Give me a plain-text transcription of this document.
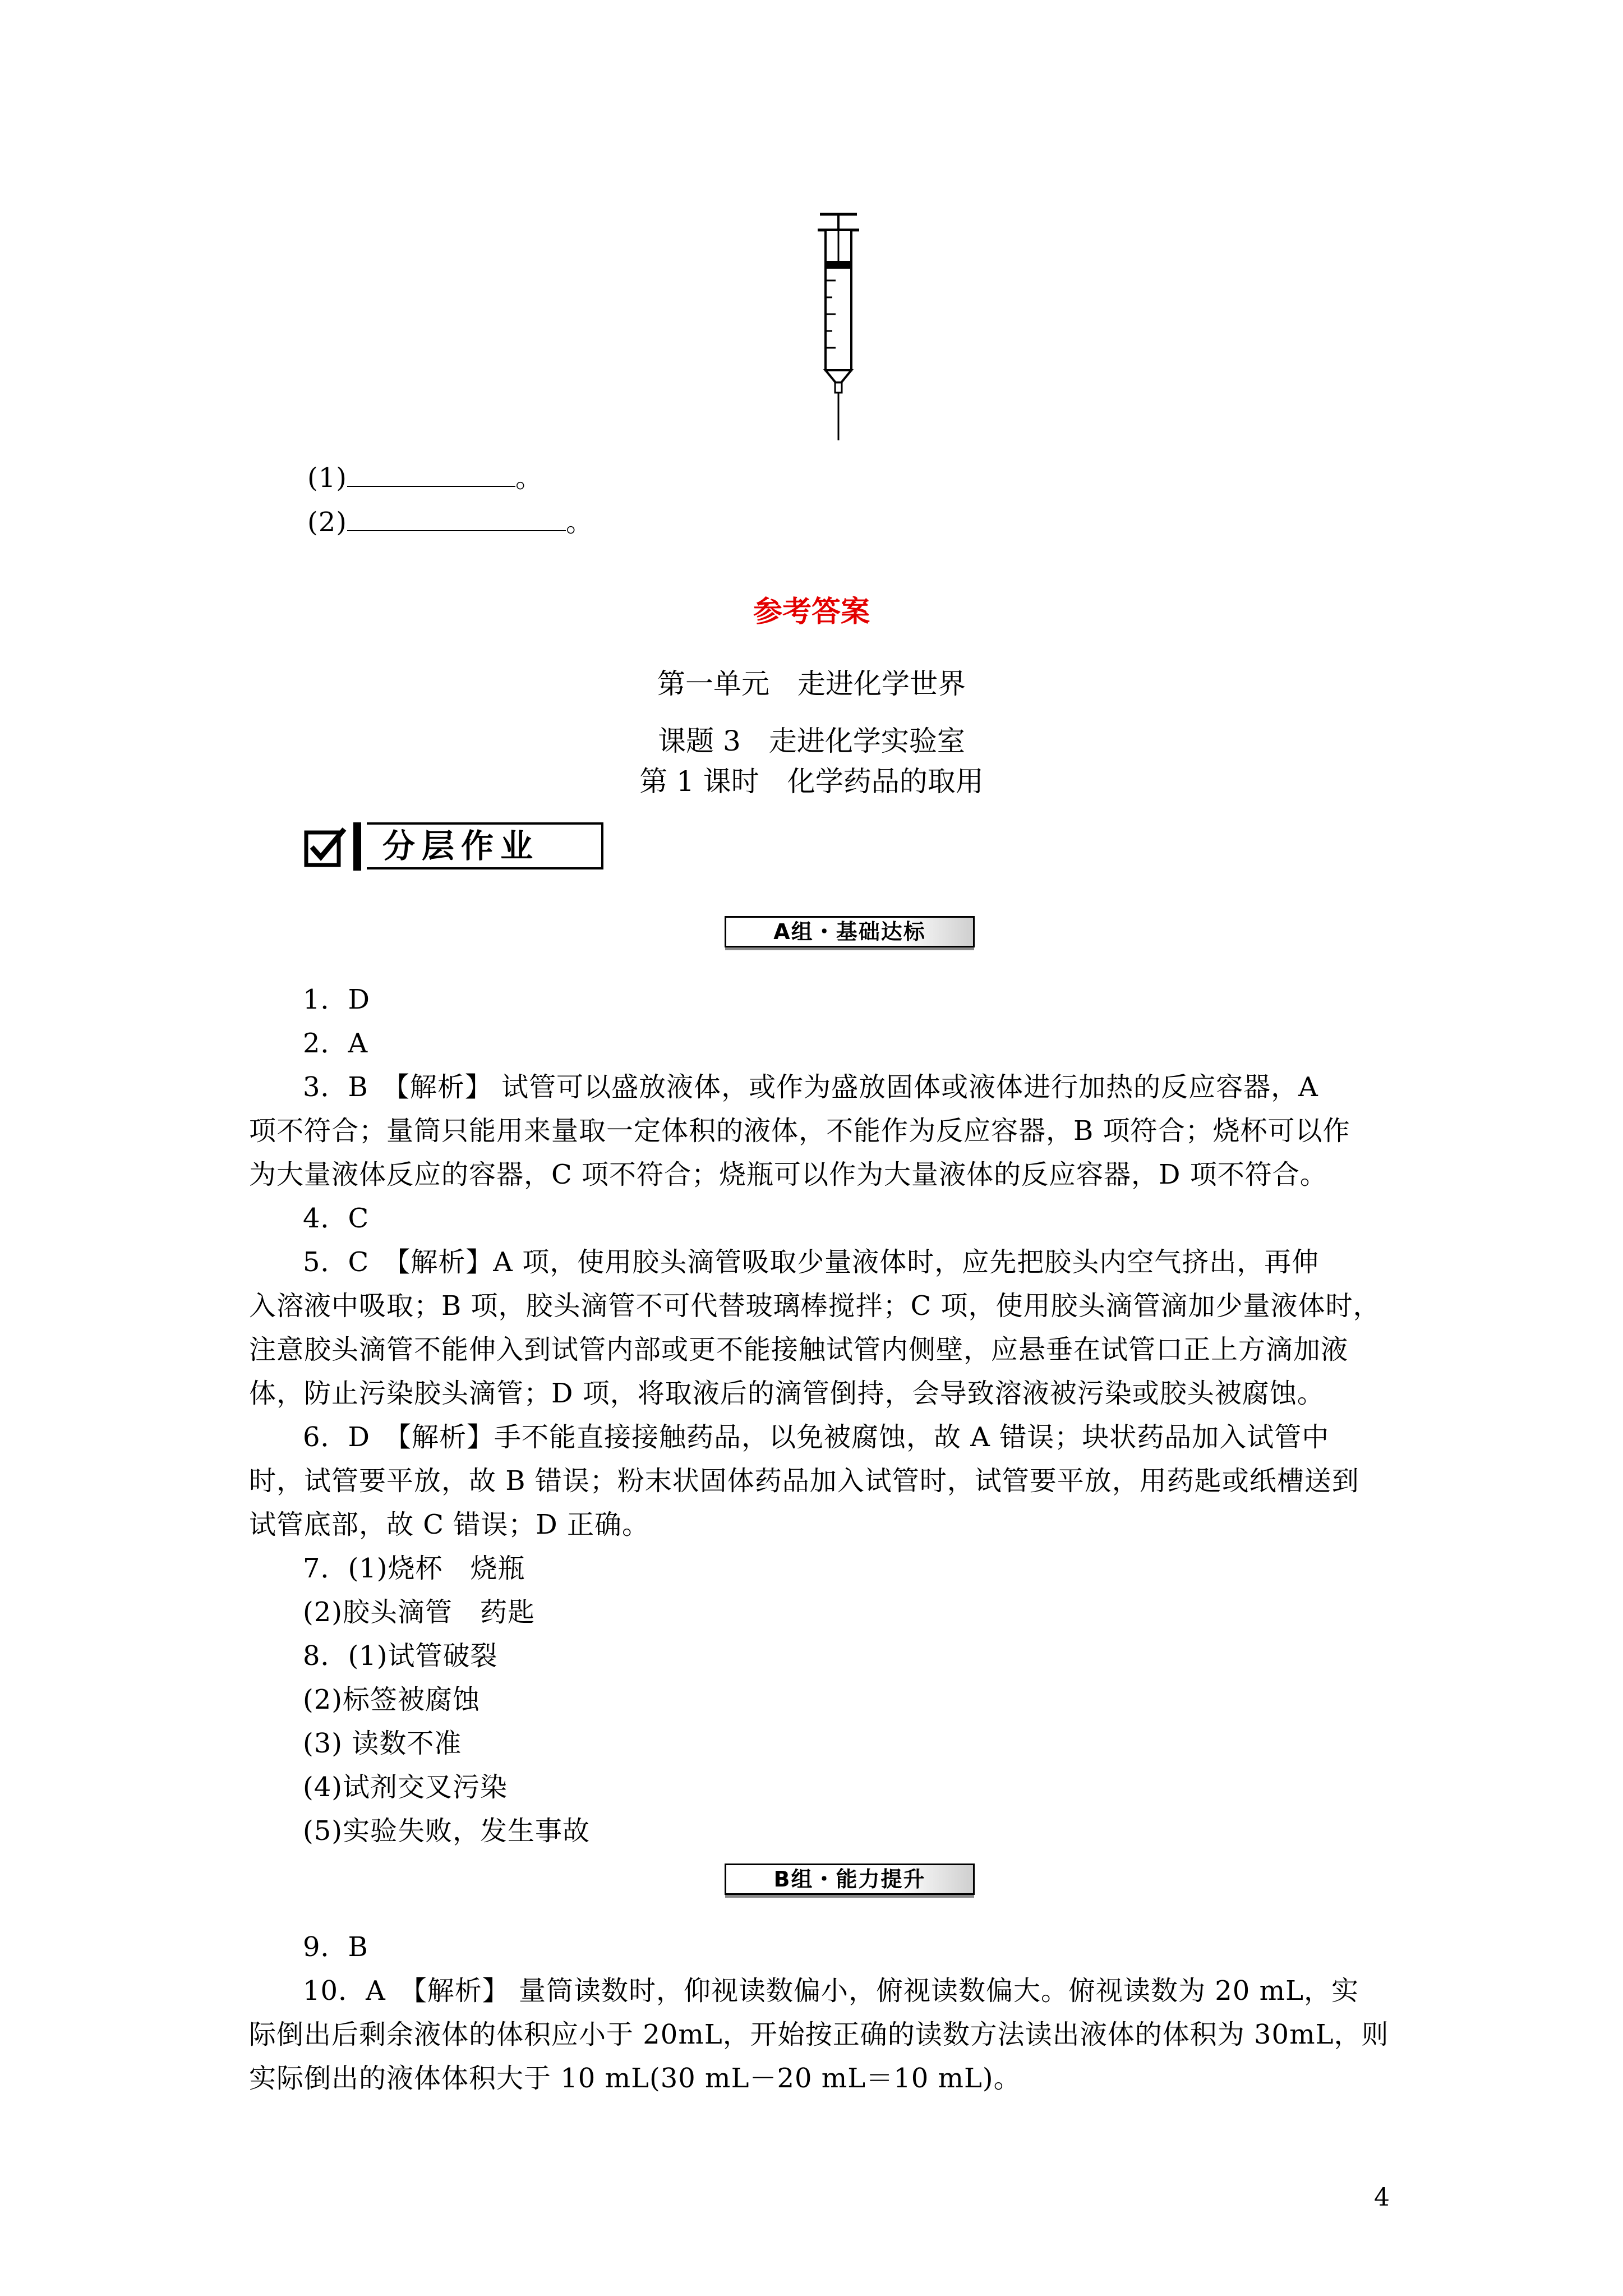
(1)	。
(2)	。
参考答案
第一单元　走进化学世界
课题 3　走进化学实验室
第 1 课时　化学药品的取用
分层作业
A组・基础达标
1．D
2．A
3．B　【解析】 试管可以盛放液体，或作为盛放固体或液体进行加热的反应容器，A
项不符合；量筒只能用来量取一定体积的液体，不能作为反应容器，B 项符合；烧杯可以作
为大量液体反应的容器，C 项不符合；烧瓶可以作为大量液体的反应容器，D 项不符合。
4．C
5．C　【解析】A 项，使用胶头滴管吸取少量液体时，应先把胶头内空气挤出，再伸
入溶液中吸取；B 项，胶头滴管不可代替玻璃棒搅拌；C 项，使用胶头滴管滴加少量液体时，
注意胶头滴管不能伸入到试管内部或更不能接触试管内侧壁，应悬垂在试管口正上方滴加液
体，防止污染胶头滴管；D 项，将取液后的滴管倒持，会导致溶液被污染或胶头被腐蚀。
6．D　【解析】手不能直接接触药品，以免被腐蚀，故 A 错误；块状药品加入试管中
时，试管要平放，故 B 错误；粉末状固体药品加入试管时，试管要平放，用药匙或纸槽送到
试管底部，故 C 错误；D 正确。
7．(1)烧杯　烧瓶
(2)胶头滴管　药匙
8．(1)试管破裂
(2)标签被腐蚀
(3) 读数不准
(4)试剂交叉污染
(5)实验失败，发生事故
B组・能力提升
9．B
10．A　【解析】 量筒读数时，仰视读数偏小，俯视读数偏大。俯视读数为 20 mL，实
际倒出后剩余液体的体积应小于 20mL，开始按正确的读数方法读出液体的体积为 30mL，则
实际倒出的液体体积大于 10 mL(30 mL－20 mL＝10 mL)。
4
